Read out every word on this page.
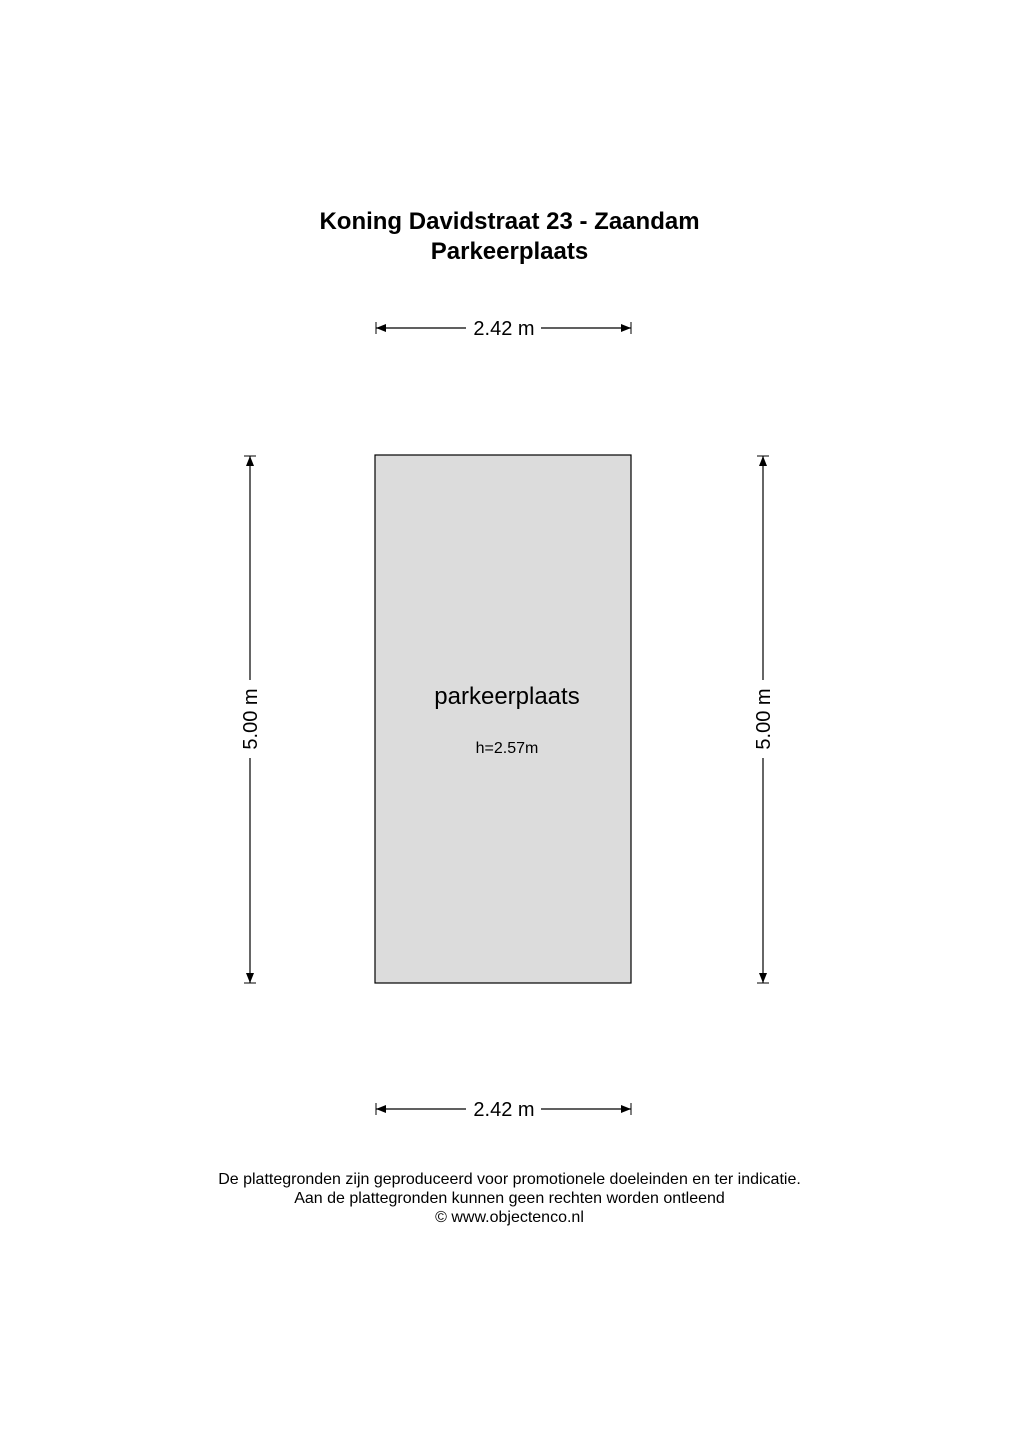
Koning Davidstraat 23 - Zaandam
Parkeerplaats
parkeerplaats
h=2.57m
2.42 m
2.42 m
5.00 m	5.00 m
De plattegronden zijn geproduceerd voor promotionele doeleinden en ter indicatie.
Aan de plattegronden kunnen geen rechten worden ontleend
© www.objectenco.nl
